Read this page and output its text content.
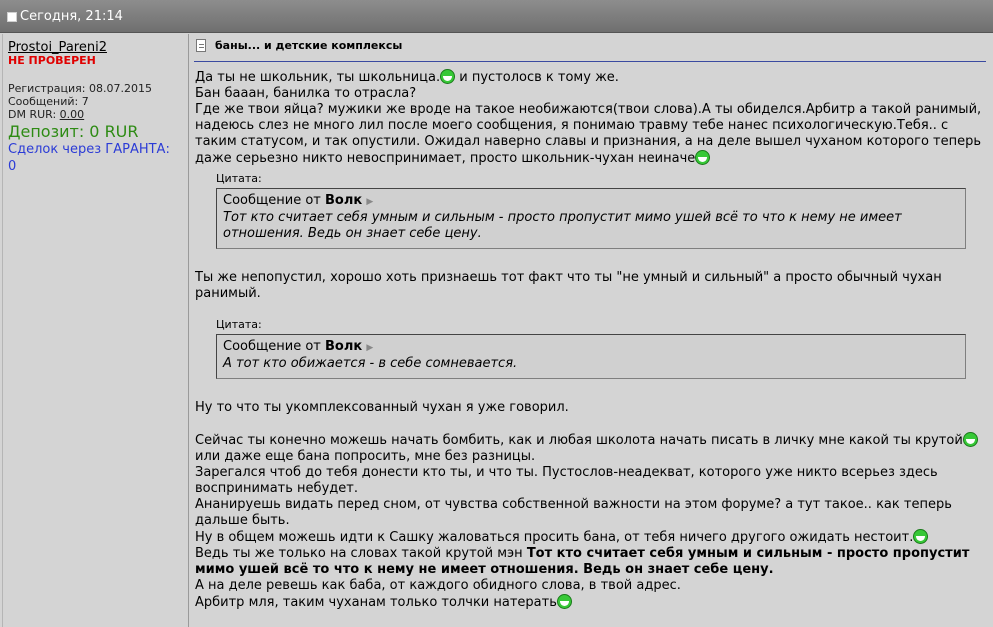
Сегодня, 21:14
Prostoi_Pareni2
НЕ ПРОВЕРЕН
Регистрация: 08.07.2015
Сообщений: 7
DM RUR: 0.00
Депозит: 0 RUR
Сделок через ГАРАНТА:
0
баны... и детские комплексы

Да ты не школьник, ты школьница. и пустолосв к тому же.

Бан бааан, банилка то отрасла?

Где же твои яйца? мужики же вроде на такое необижаются(твои слова).А ты обиделся.Арбитр а такой ранимый, надеюсь слез не много лил после моего сообщения, я понимаю травму тебе нанес психологическую.Тебя.. с таким статусом, и так опустили. Ожидал наверно славы и признания, а на деле вышел чуханом которого теперь даже серьезно никто невоспринимает, просто школьник-чухан неиначе

Цитата:
Сообщение от Волк ▶
Тот кто считает себя умным и сильным - просто пропустит мимо ушей всё то что к нему не имеет отношения. Ведь он знает себе цену.

Ты же непопустил, хорошо хоть признаешь тот факт что ты "не умный и сильный" а просто обычный чухан ранимый.

Цитата:
Сообщение от Волк ▶
А тот кто обижается - в себе сомневается.

Ну то что ты укомплексованный чухан я уже говорил.

Сейчас ты конечно можешь начать бомбить, как и любая школота начать писать в личку мне какой ты крутой

или даже еще бана попросить, мне без разницы.

Зарегался чтоб до тебя донести кто ты, и что ты. Пустослов-неадекват, которого уже никто всерьез здесь воспринимать небудет.

Ананируешь видать перед сном, от чувства собственной важности на этом форуме? а тут такое.. как теперь дальше быть.

Ну в общем можешь идти к Сашку жаловаться просить бана, от тебя ничего другого ожидать нестоит.

Ведь ты же только на словах такой крутой мэн Тот кто считает себя умным и сильным - просто пропустит мимо ушей всё то что к нему не имеет отношения. Ведь он знает себе цену.

А на деле ревешь как баба, от каждого обидного слова, в твой адрес.

Арбитр мля, таким чуханам только толчки натерать
